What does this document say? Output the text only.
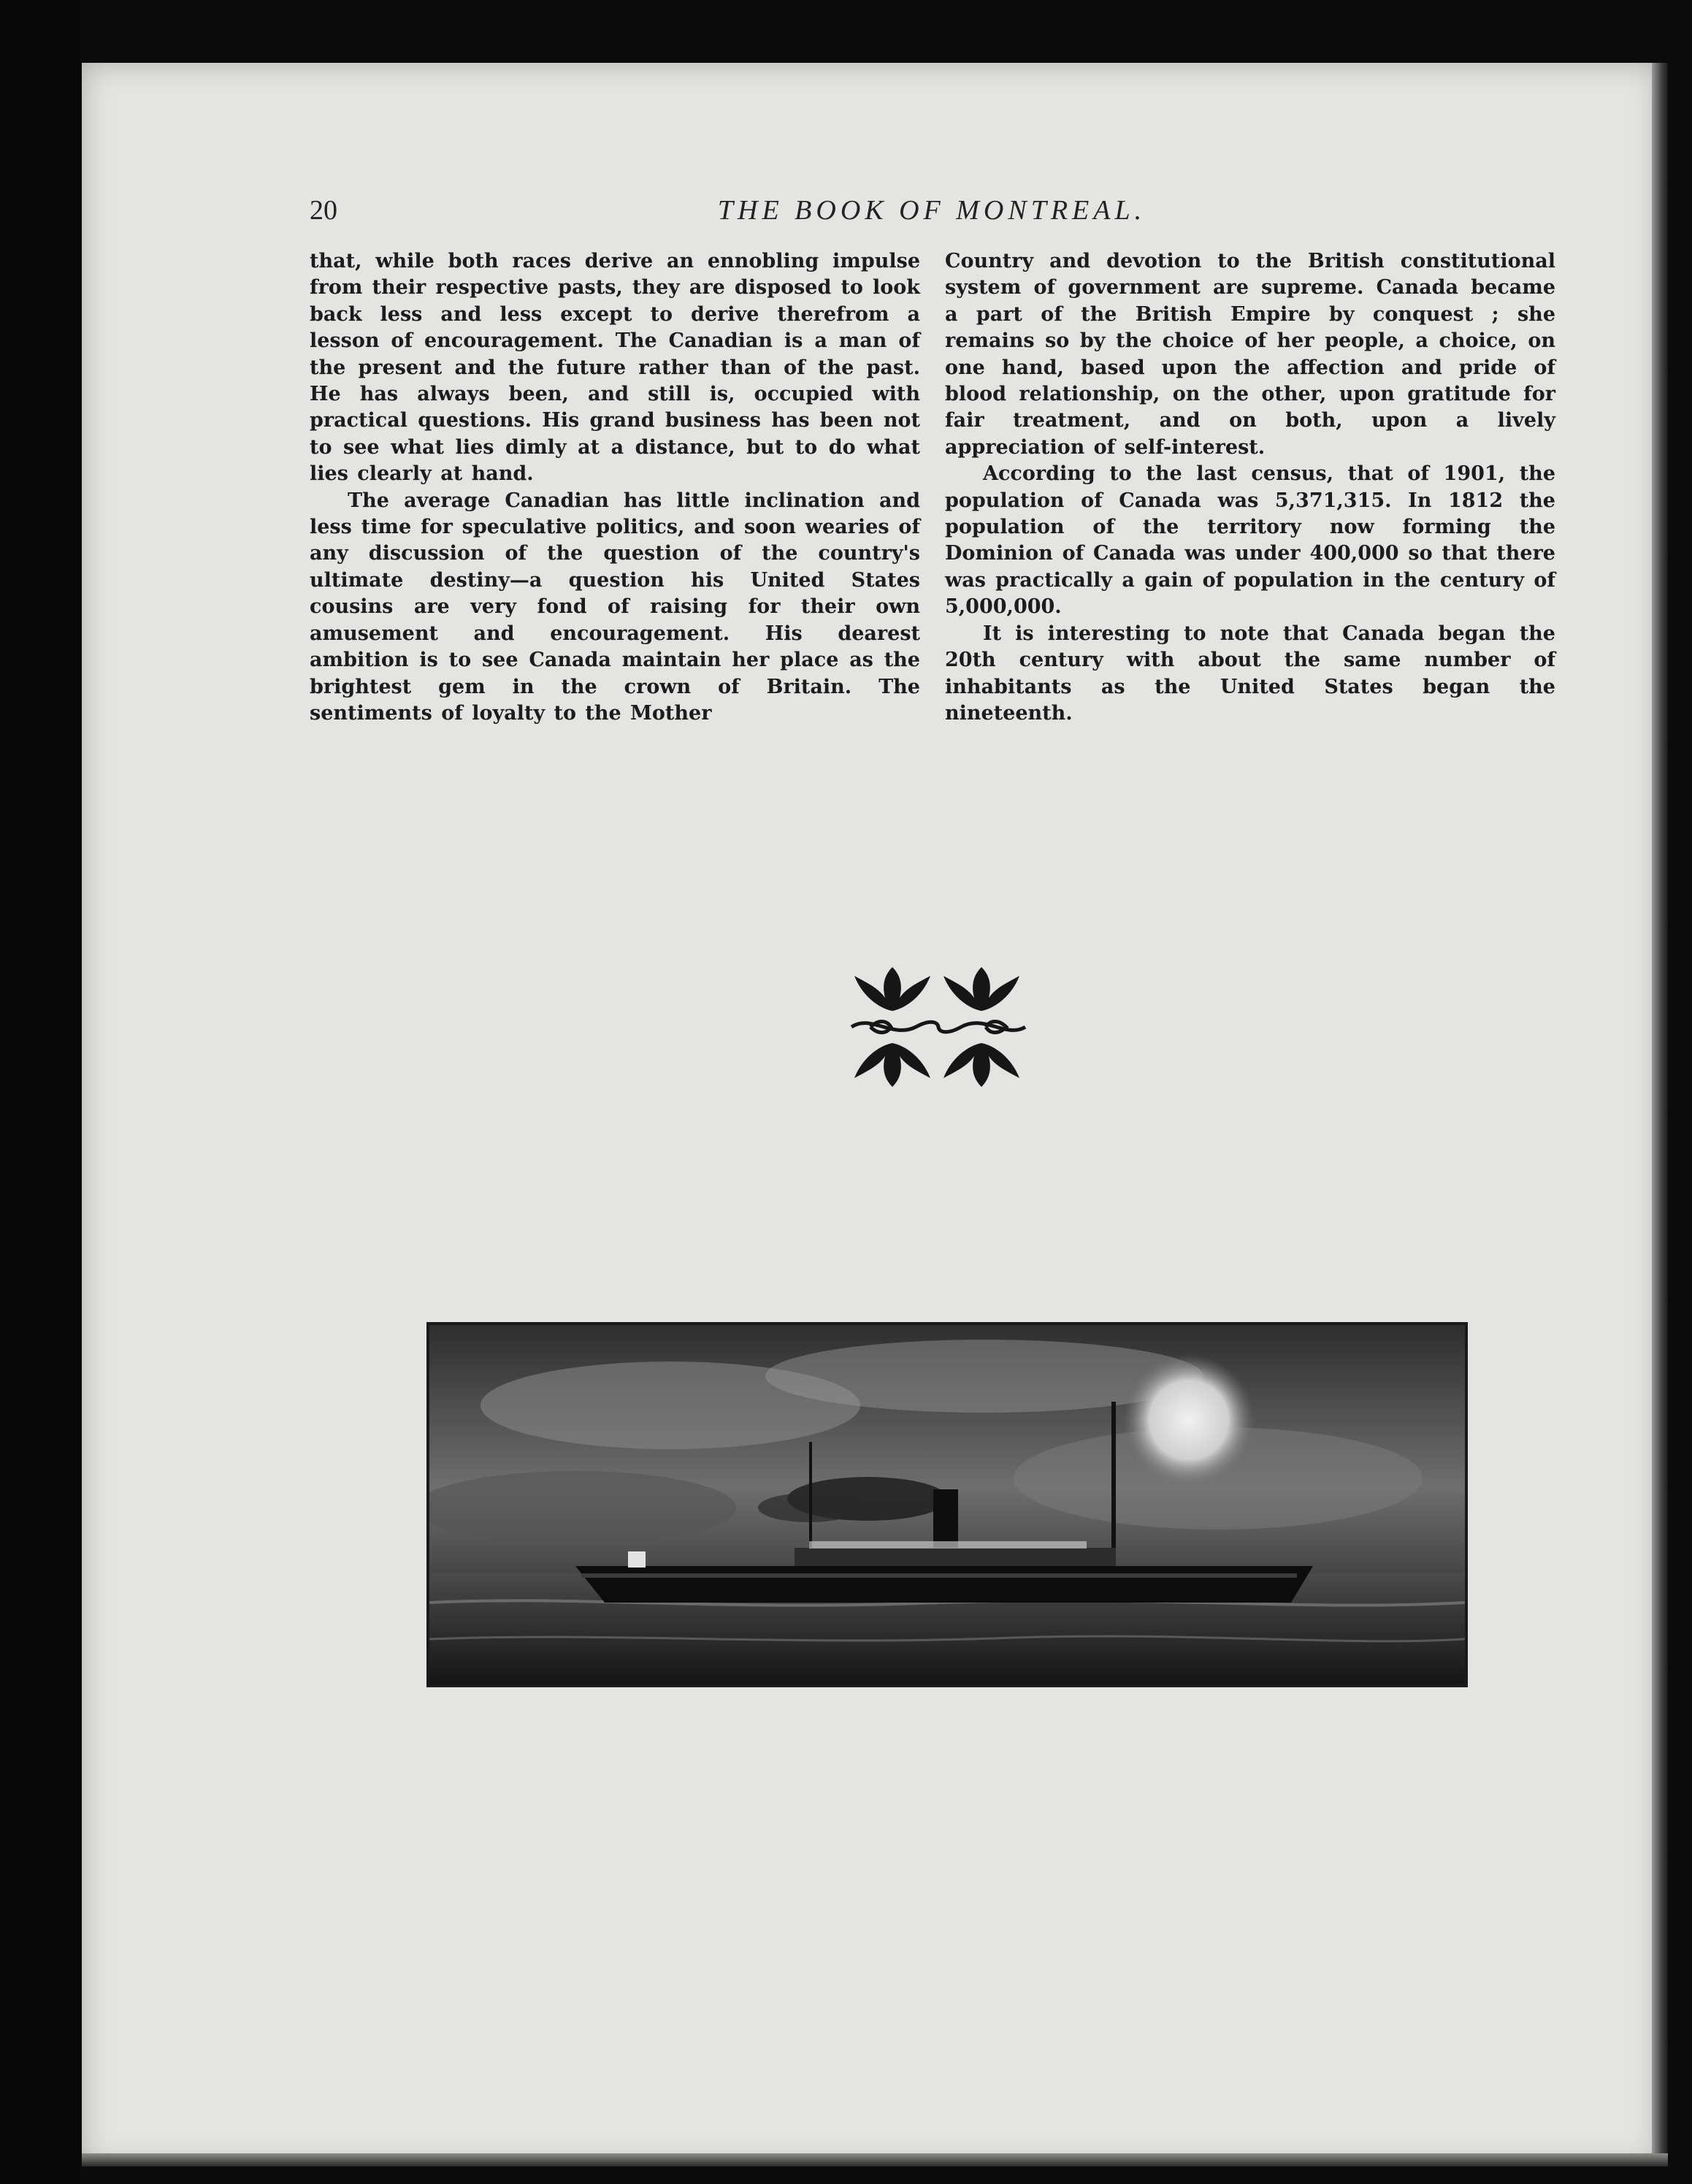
20	THE BOOK OF MONTREAL.

that, while both races derive an ennobling impulse from their respective pasts, they are disposed to look back less and less except to derive therefrom a lesson of encouragement. The Canadian is a man of the present and the future rather than of the past. He has always been, and still is, occupied with practical questions. His grand business has been not to see what lies dimly at a distance, but to do what lies clearly at hand.

The average Canadian has little inclination and less time for speculative politics, and soon wearies of any discussion of the question of the country's ultimate destiny—a question his United States cousins are very fond of raising for their own amusement and encouragement. His dearest ambition is to see Canada maintain her place as the brightest gem in the crown of Britain. The sentiments of loyalty to the Mother

Country and devotion to the British constitutional system of government are supreme. Canada became a part of the British Empire by conquest ; she remains so by the choice of her people, a choice, on one hand, based upon the affection and pride of blood relationship, on the other, upon gratitude for fair treatment, and on both, upon a lively appreciation of self-interest.

According to the last census, that of 1901, the population of Canada was 5,371,315. In 1812 the population of the territory now forming the Dominion of Canada was under 400,000 so that there was practically a gain of population in the century of 5,000,000.

It is interesting to note that Canada began the 20th century with about the same number of inhabitants as the United States began the nineteenth.
